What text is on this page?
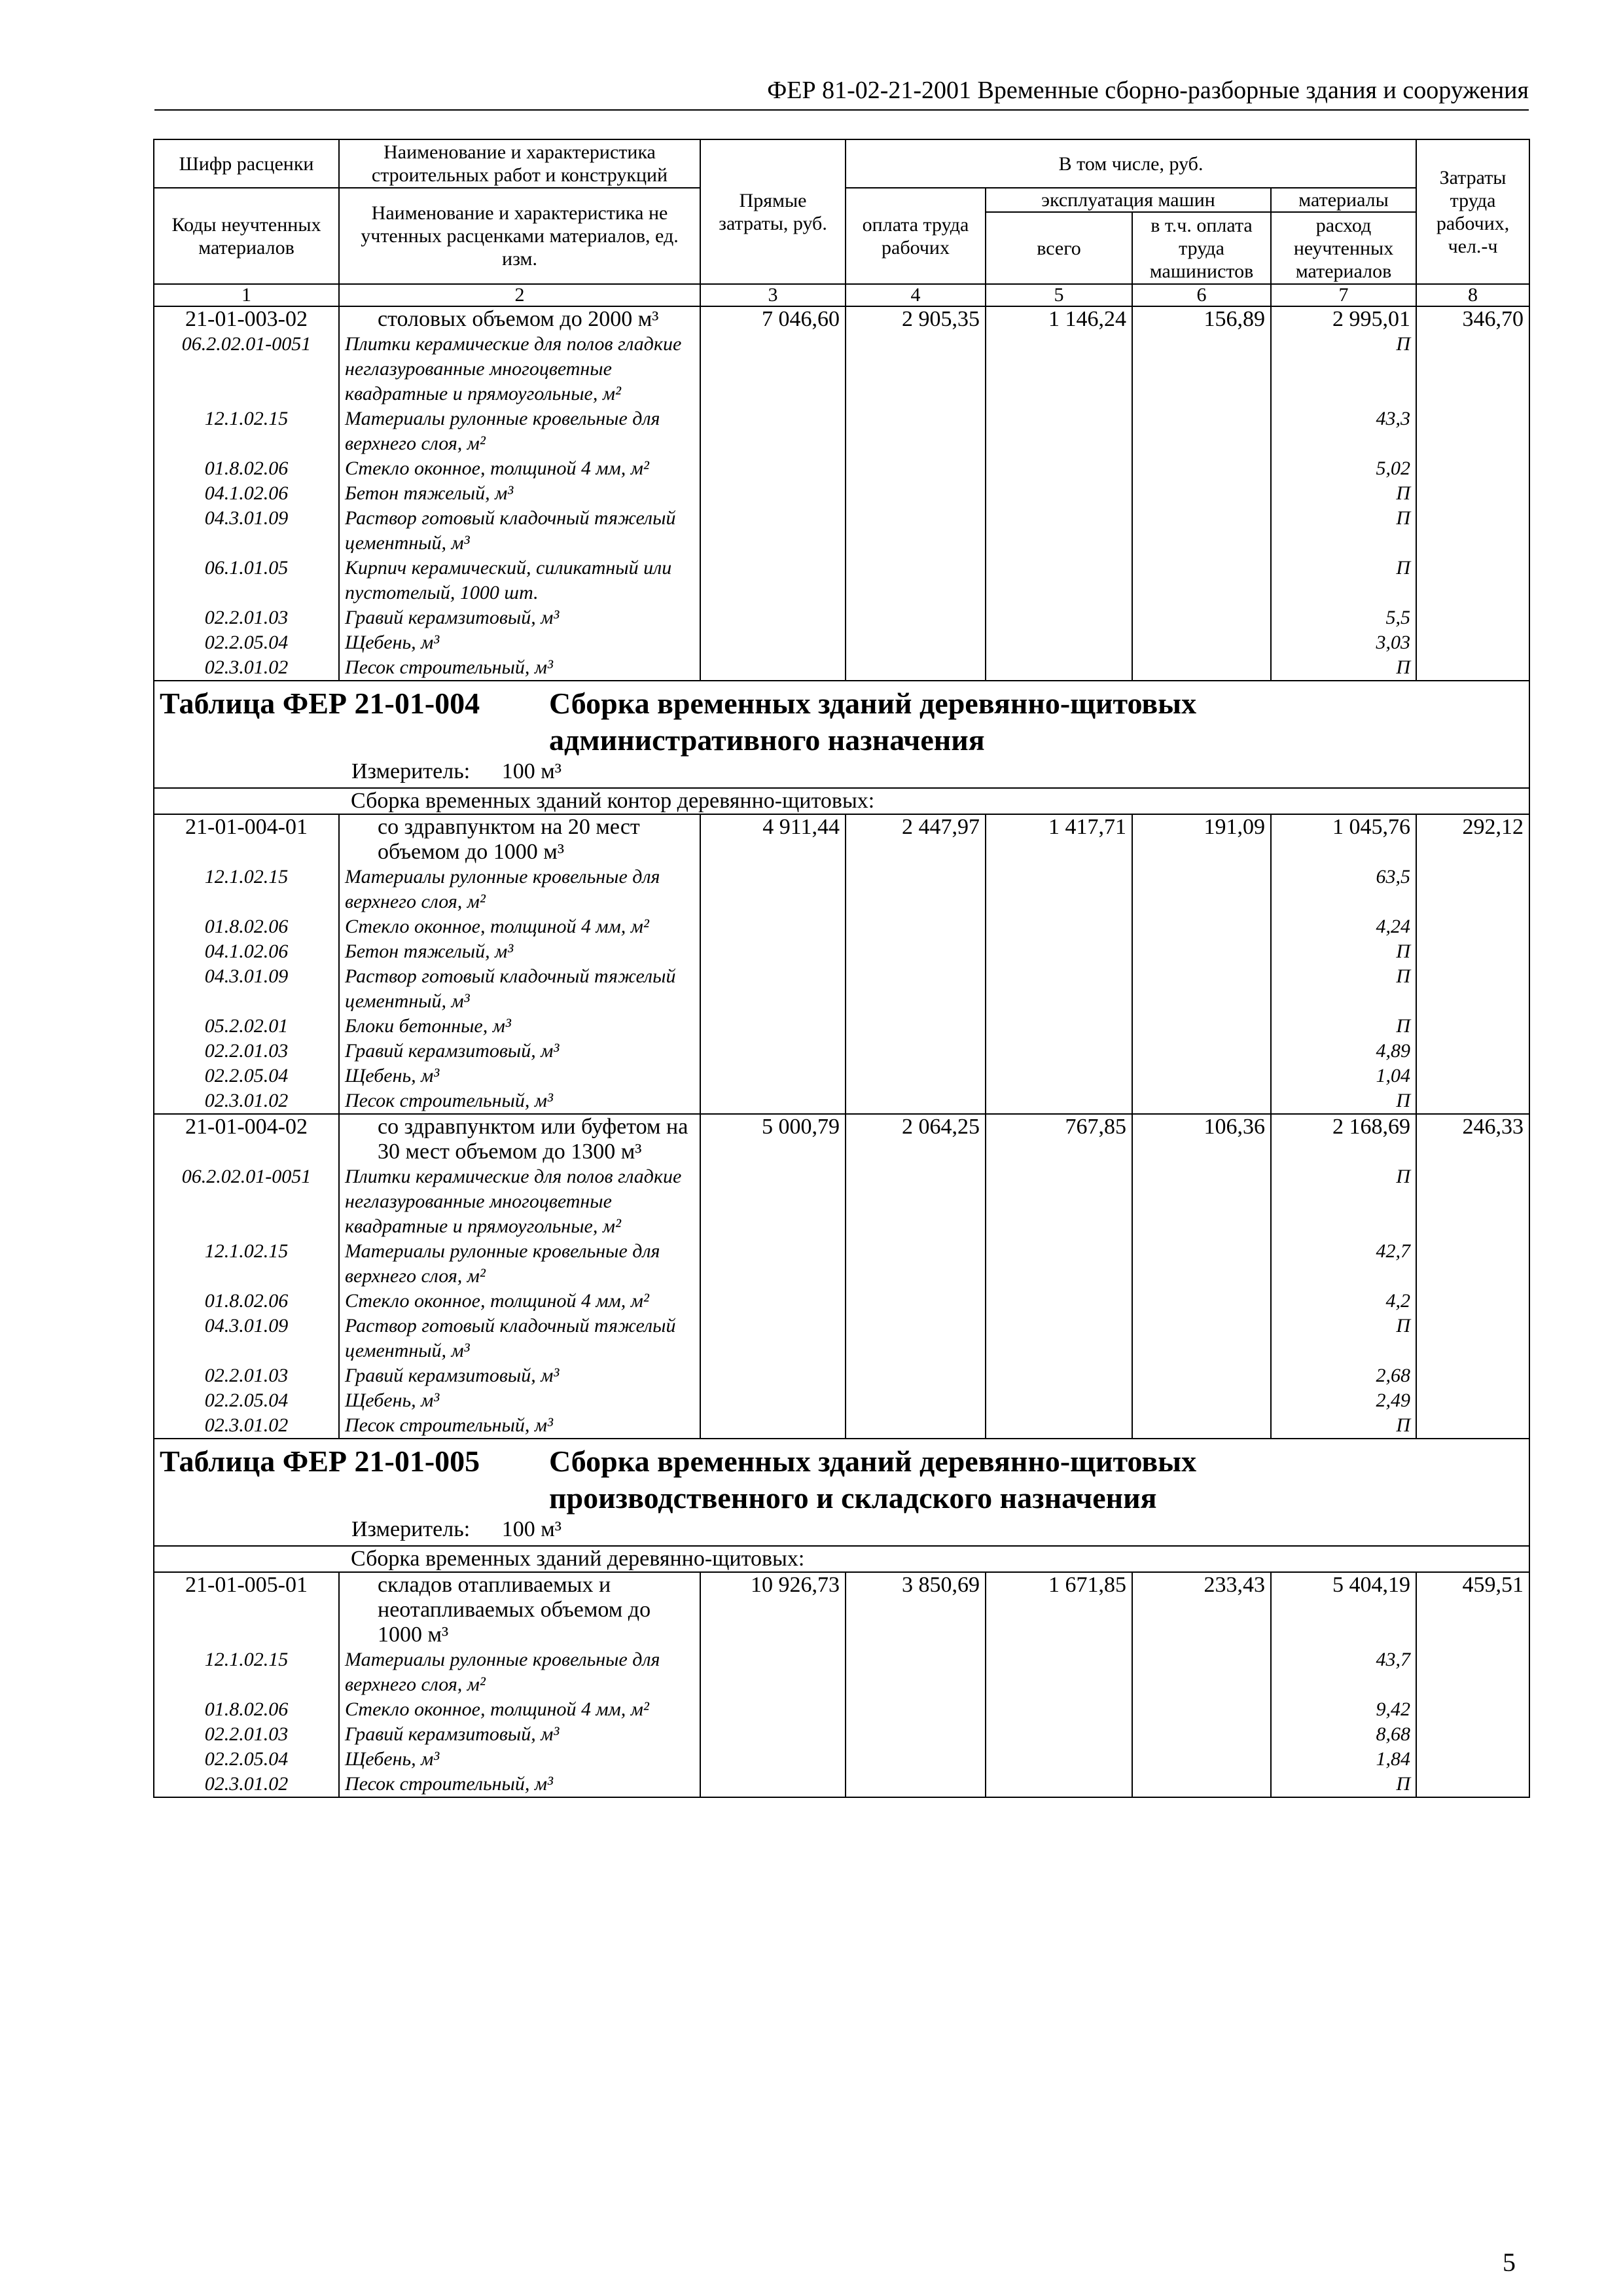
ФЕР 81-02-21-2001 Временные сборно-разборные здания и сооружения
Шифр расценки	Наименование и характеристика строительных работ и конструкций	Прямые затраты, руб.	В том числе, руб.				Затраты труда рабочих, чел.-ч
Коды неучтенных материалов	Наименование и характеристика не учтенных расценками материалов, ед. изм.		оплата труда рабочих	эксплуатация машин		материалы	
				всего	в т.ч. оплата труда машинистов	расход неучтенных материалов	
1	2	3	4	5	6	7	8
21-01-003-02	столовых объемом до 2000 м³	7 046,60	2 905,35	1 146,24	156,89	2 995,01	346,70
06.2.02.01-0051	Плитки керамические для полов гладкие неглазурованные многоцветные квадратные и прямоугольные, м²					П	
12.1.02.15	Материалы рулонные кровельные для верхнего слоя, м²					43,3	
01.8.02.06	Стекло оконное, толщиной 4 мм, м²					5,02	
04.1.02.06	Бетон тяжелый, м³					П	
04.3.01.09	Раствор готовый кладочный тяжелый цементный, м³					П	
06.1.01.05	Кирпич керамический, силикатный или пустотелый, 1000 шт.					П	
02.2.01.03	Гравий керамзитовый, м³					5,5	
02.2.05.04	Щебень, м³					3,03	
02.3.01.02	Песок строительный, м³					П	

Таблица ФЕР 21-01-004 Сборка временных зданий деревянно-щитовых
административного назначения
Измеритель: 100 м³							

Сборка временных зданий контор деревянно-щитовых:							
21-01-004-01	со здравпунктом на 20 мест объемом до 1000 м³	4 911,44	2 447,97	1 417,71	191,09	1 045,76	292,12
12.1.02.15	Материалы рулонные кровельные для верхнего слоя, м²					63,5	
01.8.02.06	Стекло оконное, толщиной 4 мм, м²					4,24	
04.1.02.06	Бетон тяжелый, м³					П	
04.3.01.09	Раствор готовый кладочный тяжелый цементный, м³					П	
05.2.02.01	Блоки бетонные, м³					П	
02.2.01.03	Гравий керамзитовый, м³					4,89	
02.2.05.04	Щебень, м³					1,04	
02.3.01.02	Песок строительный, м³					П	
21-01-004-02	со здравпунктом или буфетом на 30 мест объемом до 1300 м³	5 000,79	2 064,25	767,85	106,36	2 168,69	246,33
06.2.02.01-0051	Плитки керамические для полов гладкие неглазурованные многоцветные квадратные и прямоугольные, м²					П	
12.1.02.15	Материалы рулонные кровельные для верхнего слоя, м²					42,7	
01.8.02.06	Стекло оконное, толщиной 4 мм, м²					4,2	
04.3.01.09	Раствор готовый кладочный тяжелый цементный, м³					П	
02.2.01.03	Гравий керамзитовый, м³					2,68	
02.2.05.04	Щебень, м³					2,49	
02.3.01.02	Песок строительный, м³					П	

Таблица ФЕР 21-01-005 Сборка временных зданий деревянно-щитовых
производственного и складского назначения
Измеритель: 100 м³							

Сборка временных зданий деревянно-щитовых:							
21-01-005-01	складов отапливаемых и неотапливаемых объемом до 1000 м³	10 926,73	3 850,69	1 671,85	233,43	5 404,19	459,51
12.1.02.15	Материалы рулонные кровельные для верхнего слоя, м²					43,7	
01.8.02.06	Стекло оконное, толщиной 4 мм, м²					9,42	
02.2.01.03	Гравий керамзитовый, м³					8,68	
02.2.05.04	Щебень, м³					1,84	
02.3.01.02	Песок строительный, м³					П	
5
